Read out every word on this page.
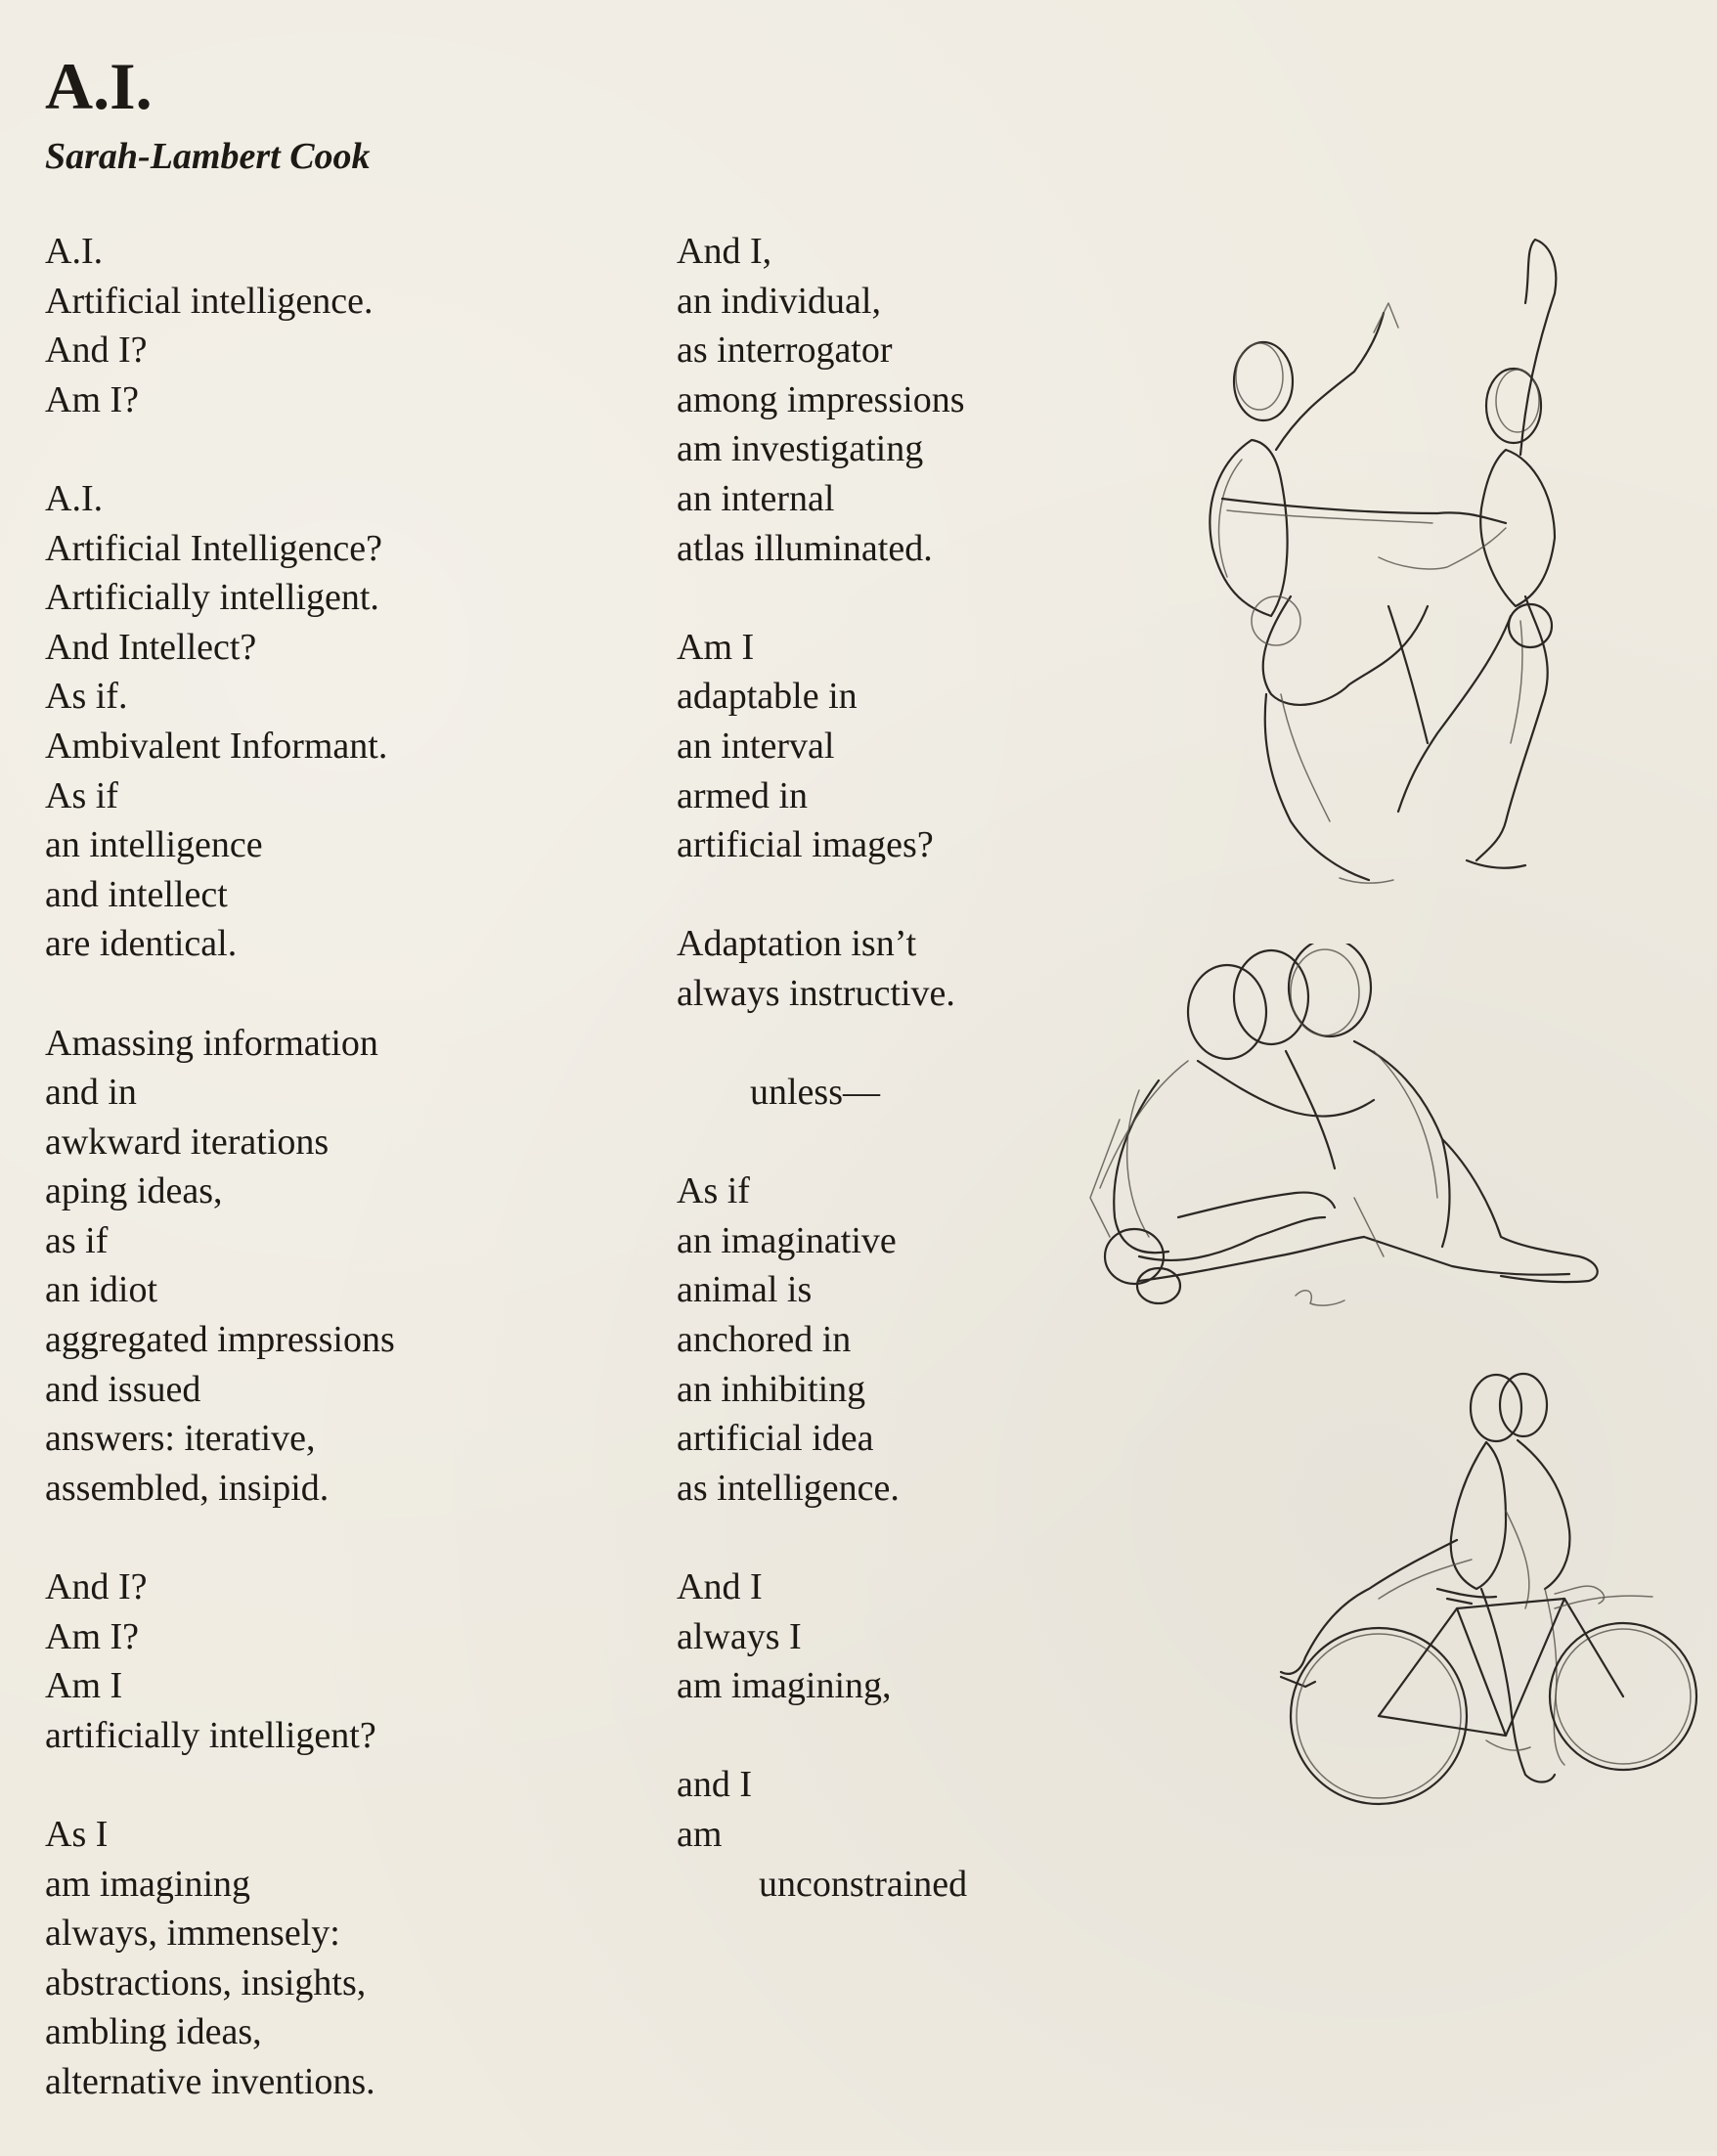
A.I.
Sarah-Lambert Cook
A.I.
Artificial intelligence.
And I?
Am I?
A.I.
Artificial Intelligence?
Artificially intelligent.
And Intellect?
As if.
Ambivalent Informant.
As if
an intelligence
and intellect
are identical.
Amassing information
and in
awkward iterations
aping ideas,
as if
an idiot
aggregated impressions
and issued
answers: iterative,
assembled, insipid.
And I?
Am I?
Am I
artificially intelligent?
As I
am imagining
always, immensely:
abstractions, insights,
ambling ideas,
alternative inventions.
And I,
an individual,
as interrogator
among impressions
am investigating
an internal
atlas illuminated.
Am I
adaptable in
an interval
armed in
artificial images?
Adaptation isn’t
always instructive.
unless—
As if
an imaginative
animal is
anchored in
an inhibiting
artificial idea
as intelligence.
And I
always I
am imagining,
and I
am
unconstrained
